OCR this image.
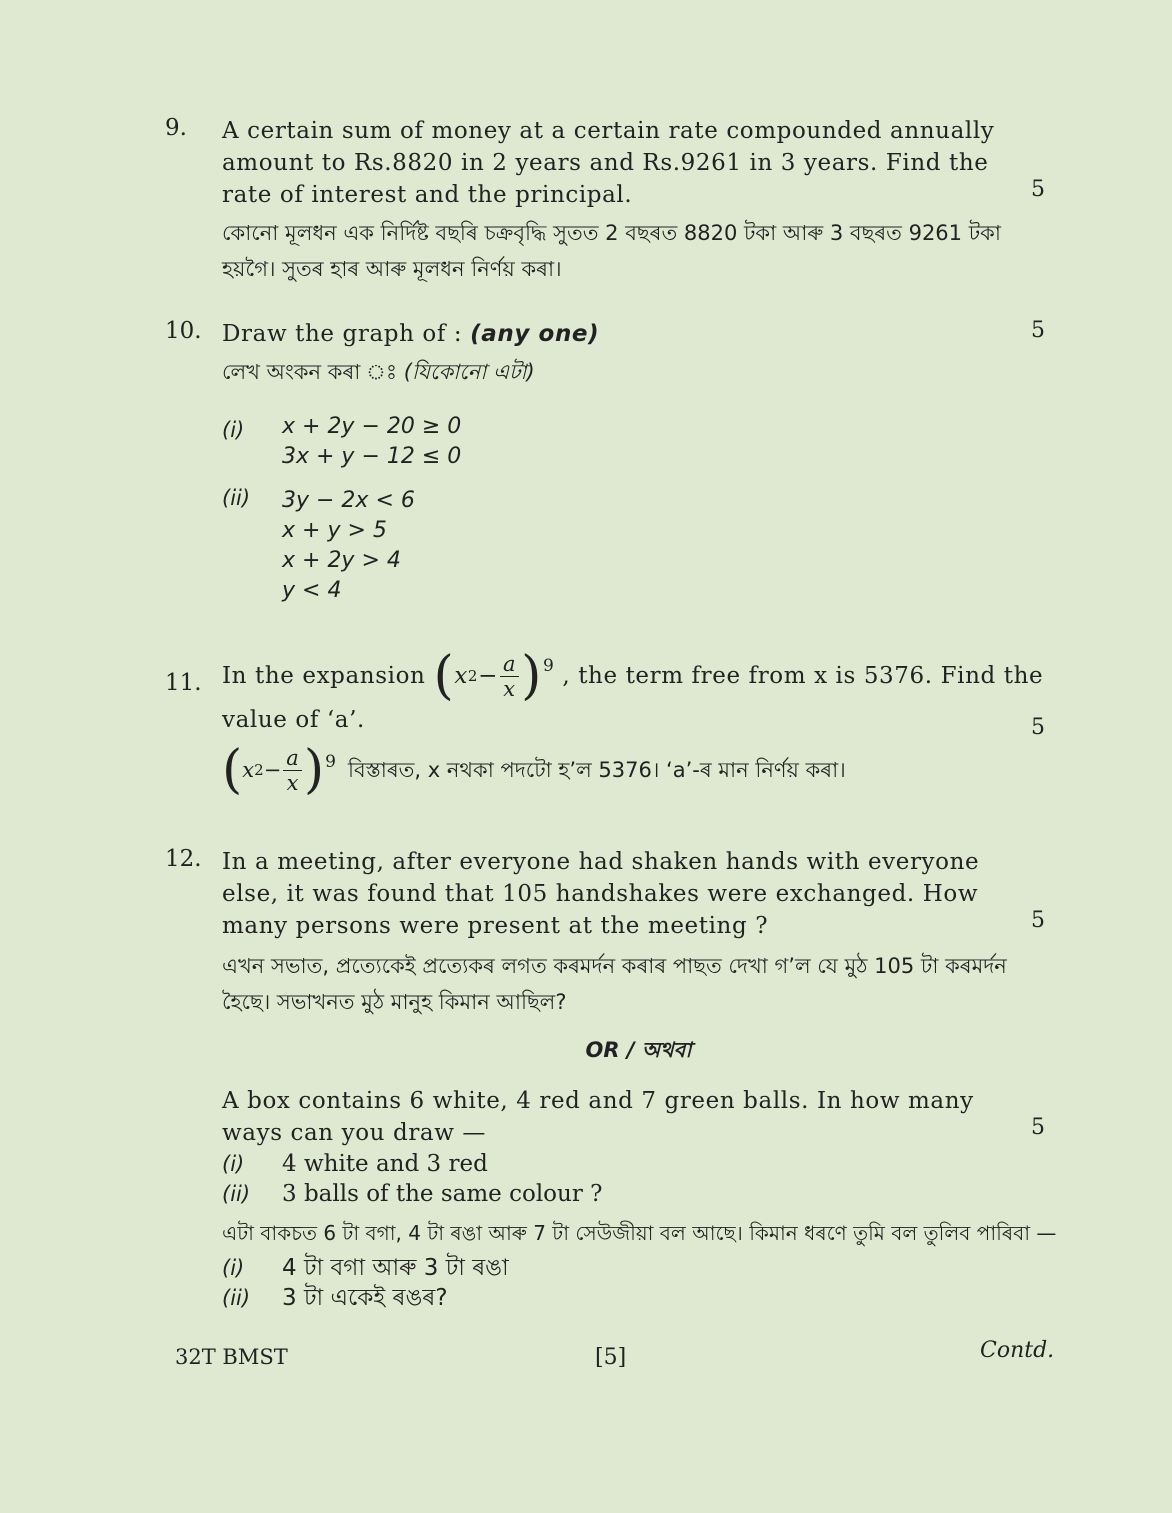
9. A certain sum of money at a certain rate compounded annually amount to Rs.8820 in 2 years and Rs.9261 in 3 years. Find the rate of interest and the principal.	5
কোনো মূলধন এক নিৰ্দিষ্ট বছৰি চক্ৰবৃদ্ধি সুতত 2 বছৰত 8820 টকা আৰু 3 বছৰত 9261 টকা হয়গৈ। সুতৰ হাৰ আৰু মূলধন নিৰ্ণয় কৰা।
10. Draw the graph of : (any one)	5
লেখ অংকন কৰা ঃ (যিকোনো এটা)
(i)	x + 2y − 20 ≥ 0
3x + y − 12 ≤ 0
(ii)	3y − 2x < 6
x + y > 5
x + 2y > 4
y < 4
11. In the expansion ( x $2 - \frac{a}{x}$ ) 9 , the term free from x is 5376. Find the
value of ‘a’.	5
( x $2 - \frac{a}{x}$ ) 9 বিস্তাৰত, x নথকা পদটো হ’ল 5376। ‘a’-ৰ মান নিৰ্ণয় কৰা।
12. In a meeting, after everyone had shaken hands with everyone else, it was found that 105 handshakes were exchanged. How many persons were present at the meeting ?	5
এখন সভাত, প্ৰত্যেকেই প্ৰত্যেকৰ লগত কৰমৰ্দন কৰাৰ পাছত দেখা গ’ল যে মুঠ 105 টা কৰমৰ্দন হৈছে। সভাখনত মুঠ মানুহ কিমান আছিল?
OR / অথবা
A box contains 6 white, 4 red and 7 green balls. In how many ways can you draw —	5
(i)	4 white and 3 red
(ii)	3 balls of the same colour ?
এটা বাকচত 6 টা বগা, 4 টা ৰঙা আৰু 7 টা সেউজীয়া বল আছে। কিমান ধৰণে তুমি বল তুলিব পাৰিবা —
(i)	4 টা বগা আৰু 3 টা ৰঙা
(ii)	3 টা একেই ৰঙৰ?
32T BMST	[5]	Contd.
